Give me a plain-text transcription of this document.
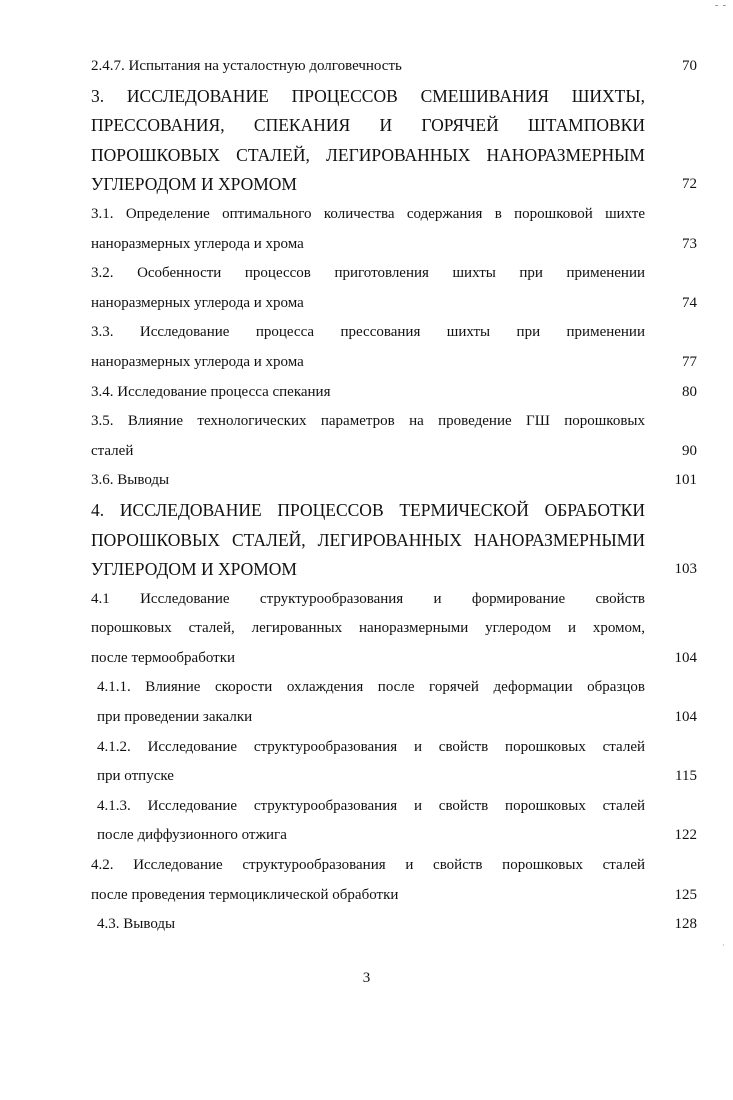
- -
2.4.7. Испытания на усталостную долговечность	70
3. ИССЛЕДОВАНИЕ ПРОЦЕССОВ СМЕШИВАНИЯ ШИХТЫ,
ПРЕССОВАНИЯ, СПЕКАНИЯ И ГОРЯЧЕЙ ШТАМПОВКИ
ПОРОШКОВЫХ СТАЛЕЙ, ЛЕГИРОВАННЫХ НАНОРАЗМЕРНЫМ
УГЛЕРОДОМ И ХРОМОМ	72
3.1. Определение оптимального количества содержания в порошковой шихте
наноразмерных углерода и хрома	73
3.2. Особенности процессов приготовления шихты при применении
наноразмерных углерода и хрома	74
3.3. Исследование процесса прессования шихты при применении
наноразмерных углерода и хрома	77
3.4. Исследование процесса спекания	80
3.5. Влияние технологических параметров на проведение ГШ порошковых
сталей	90
3.6. Выводы	101
4. ИССЛЕДОВАНИЕ ПРОЦЕССОВ ТЕРМИЧЕСКОЙ ОБРАБОТКИ
ПОРОШКОВЫХ СТАЛЕЙ, ЛЕГИРОВАННЫХ НАНОРАЗМЕРНЫМИ
УГЛЕРОДОМ И ХРОМОМ	103
4.1 Исследование структурообразования и формирование свойств
порошковых сталей, легированных наноразмерными углеродом и хромом,
после термообработки	104
4.1.1. Влияние скорости охлаждения после горячей деформации образцов
при проведении закалки	104
4.1.2. Исследование структурообразования и свойств порошковых сталей
при отпуске	115
4.1.3. Исследование структурообразования и свойств порошковых сталей
после диффузионного отжига	122
4.2. Исследование структурообразования и свойств порошковых сталей
после проведения термоциклической обработки	125
4.3. Выводы	128
·
3
